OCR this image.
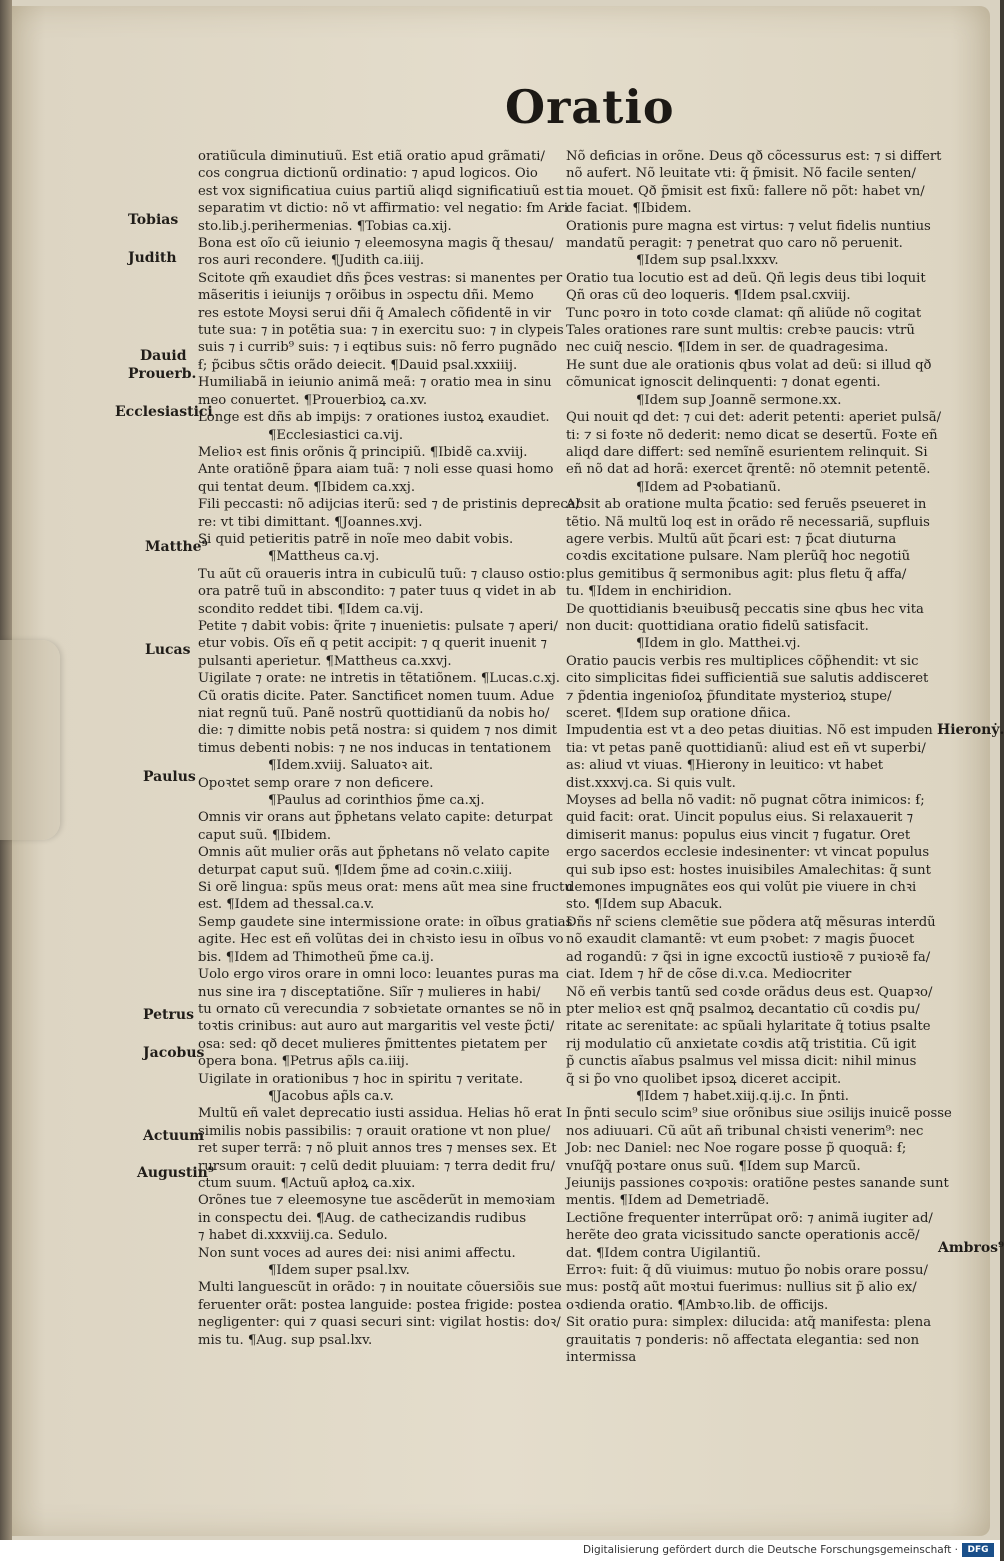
Oratio
oratiũcula diminutiuũ. Est etiã oratio apud grãmati/
cos congrua dictionũ ordinatio: ⁊ apud logicos. Oio
est vox significatiua cuius partiũ aliqd significatiuũ est
separatim vt dictio: nõ vt affirmatio: vel negatio: ẜm Ari
sto.lib.j.perihermenias. ¶Tobias ca.xij.
Bona est oĩo cũ ieiunio ⁊ eleemosyna magis q̃ thesau/
ros auri recondere. ¶Judith ca.iiij.
Scitote qm̃ exaudiet dñs p̃ces vestras: si manentes per
mãseritis i ieiunijs ⁊ orõibus in ɔspectu dñi. Memo
res estote Moysi serui dñi q̃ Amalech cõfidentẽ in vir
tute sua: ⁊ in potẽtia sua: ⁊ in exercitu suo: ⁊ in clypeis
suis ⁊ i currib⁹ suis: ⁊ i eqtibus suis: nõ ferro pugnãdo
ẜ; p̃cibus sc̃tis orãdo deiecit. ¶Dauid psal.xxxiiij.
Humiliabã in ieiunio animã meã: ⁊ oratio mea in sinu
meo conuertet. ¶Prouerbioꝝ ca.xv.
Longe est dñs ab impijs: ⁊ orationes iustoꝝ exaudiet.
¶Ecclesiastici ca.vij.
Melioꝛ est finis orõnis q̃ principiũ. ¶Ibidẽ ca.xviij.
Ante oratiõnẽ p̃para aiam tuã: ⁊ noli esse quasi homo
qui tentat deum. ¶Ibidem ca.xxj.
Fili peccasti: nõ adijcias iterũ: sed ⁊ de pristinis depreca/
re: vt tibi dimittant. ¶Joannes.xvj.
Si quid petieritis patrẽ in noĩe meo dabit vobis.
¶Mattheus ca.vj.
Tu aũt cũ oraueris intra in cubiculũ tuũ: ⁊ clauso ostio:
ora patrẽ tuũ in abscondito: ⁊ pater tuus q videt in ab
scondito reddet tibi. ¶Idem ca.vij.
Petite ⁊ dabit vobis: q̃rite ⁊ inuenietis: pulsate ⁊ aperi/
etur vobis. Oĩs eñ q petit accipit: ⁊ q querit inuenit ⁊
pulsanti aperietur. ¶Mattheus ca.xxvj.
Uigilate ⁊ orate: ne intretis in tẽtatiõnem. ¶Lucas.c.xj.
Cũ oratis dicite. Pater. Sanctificet nomen tuum. Adue
niat regnũ tuũ. Panẽ nostrũ quottidianũ da nobis ho/
die: ⁊ dimitte nobis petã nostra: si quidem ⁊ nos dimit
timus debenti nobis: ⁊ ne nos inducas in tentationem
¶Idem.xviij. Saluatoꝛ ait.
Opoꝛtet semp orare ⁊ non deficere.
¶Paulus ad corinthios p̃me ca.xj.
Omnis vir orans aut p̃phetans velato capite: deturpat
caput suũ. ¶Ibidem.
Omnis aũt mulier orãs aut p̃phetans nõ velato capite
deturpat caput suũ. ¶Idem p̃me ad coꝛin.c.xiiij.
Si orẽ lingua: spũs meus orat: mens aũt mea sine fructu
est. ¶Idem ad thessal.ca.v.
Semp gaudete sine intermissione orate: in oĩbus gratias
agite. Hec est eñ volũtas dei in chꝛisto iesu in oĩbus vo
bis. ¶Idem ad Thimotheũ p̃me ca.ij.
Uolo ergo viros orare in omni loco: leuantes puras ma
nus sine ira ⁊ disceptatiõne. Siĩr ⁊ mulieres in habi/
tu ornato cũ verecundia ⁊ sobꝛietate ornantes se nõ in
toꝛtis crinibus: aut auro aut margaritis vel veste p̃cti/
osa: sed: qð decet mulieres p̃mittentes pietatem per
opera bona. ¶Petrus ap̃ls ca.iiij.
Uigilate in orationibus ⁊ hoc in spiritu ⁊ veritate.
¶Jacobus ap̃ls ca.v.
Multũ eñ valet deprecatio iusti assidua. Helias hõ erat
similis nobis passibilis: ⁊ orauit oratione vt non plue/
ret super terrã: ⁊ nõ pluit annos tres ⁊ menses sex. Et
rursum orauit: ⁊ celũ dedit pluuiam: ⁊ terra dedit fru/
ctum suum. ¶Actuũ apłoꝝ ca.xix.
Orõnes tue ⁊ eleemosyne tue ascẽderũt in memoꝛiam
in conspectu dei. ¶Aug. de cathecizandis rudibus
⁊ habet di.xxxviij.ca. Sedulo.
Non sunt voces ad aures dei: nisi animi affectu.
¶Idem super psal.lxv.
Multi languescũt in orãdo: ⁊ in nouitate cõuersiõis sue
feruenter orãt: postea languide: postea frigide: postea
negligenter: qui ⁊ quasi securi sint: vigilat hostis: doꝛ/
mis tu. ¶Aug. sup psal.lxv.
Nõ deficias in orõne. Deus qð cõcessurus est: ⁊ si differt
nõ aufert. Nõ leuitate vti: q̃ p̃misit. Nõ facile senten/
tia mouet. Qð p̃misit est fixũ: fallere nõ põt: habet vn/
de faciat. ¶Ibidem.
Orationis pure magna est virtus: ⁊ velut fidelis nuntius
mandatũ peragit: ⁊ penetrat quo caro nõ peruenit.
¶Idem sup psal.lxxxv.
Oratio tua locutio est ad deũ. Qñ legis deus tibi loquit
Qñ oras cũ deo loqueris. ¶Idem psal.cxviij.
Tunc poꝛro in toto coꝛde clamat: qñ aliũde nõ cogitat
Tales orationes rare sunt multis: crebꝛe paucis: vtrũ
nec cuiq̃ nescio. ¶Idem in ser. de quadragesima.
He sunt due ale orationis qbus volat ad deũ: si illud qð
cõmunicat ignoscit delinquenti: ⁊ donat egenti.
¶Idem sup Joannẽ sermone.xx.
Qui nouit qd det: ⁊ cui det: aderit petenti: aperiet pulsã/
ti: ⁊ si foꝛte nõ dederit: nemo dicat se desertũ. Foꝛte eñ
aliqd dare differt: sed nemĩnẽ esurientem relinquit. Si
eñ nõ dat ad horã: exercet q̃rentẽ: nõ ɔtemnit petentẽ.
¶Idem ad Pꝛobatianũ.
Absit ab oratione multa p̃catio: sed feruẽs pseueret in
tẽtio. Nã multũ loq est in orãdo rẽ necessariã, supfluis
agere verbis. Multũ aũt p̃cari est: ⁊ p̃cat diuturna
coꝛdis excitatione pulsare. Nam plerũq̃ hoc negotiũ
plus gemitibus q̃ sermonibus agit: plus fletu q̃ affa/
tu. ¶Idem in enchiridion.
De quottidianis bꝛeuibusq̃ peccatis sine qbus hec vita
non ducit: quottidiana oratio fidelũ satisfacit.
¶Idem in glo. Matthei.vj.
Oratio paucis verbis res multiplices cõp̃hendit: vt sic
cito simplicitas fidei sufficientiã sue salutis addisceret
⁊ p̃dentia ingenioſoꝝ p̃funditate mysterioꝝ stupe/
sceret. ¶Idem sup oratione dñica.
Impudentia est vt a deo petas diuitias. Nõ est impuden
tia: vt petas panẽ quottidianũ: aliud est eñ vt superbi/
as: aliud vt viuas. ¶Hierony in leuitico: vt habet
dist.xxxvj.ca. Si quis vult.
Moyses ad bella nõ vadit: nõ pugnat cõtra inimicos: ẜ;
quid facit: orat. Uincit populus eius. Si relaxauerit ⁊
dimiserit manus: populus eius vincit ⁊ fugatur. Oret
ergo sacerdos ecclesie indesinenter: vt vincat populus
qui sub ipso est: hostes inuisibiles Amalechitas: q̃ sunt
demones impugnãtes eos qui volũt pie viuere in chꝛi
sto. ¶Idem sup Abacuk.
Dñs nr̃ sciens clemẽtie sue põdera atq̃ mẽsuras interdũ
nõ exaudit clamantẽ: vt eum pꝛobet: ⁊ magis p̃uocet
ad rogandũ: ⁊ q̃si in igne excoctũ iustioꝛẽ ⁊ puꝛioꝛẽ fa/
ciat. Idem ⁊ hr̃ de cõse di.v.ca. Mediocriter
Nõ eñ verbis tantũ sed coꝛde orãdus deus est. Quapꝛo/
pter melioꝛ est qnq̃ psalmoꝝ decantatio cũ coꝛdis pu/
ritate ac serenitate: ac spũali hylaritate q̃ totius psalte
rij modulatio cũ anxietate coꝛdis atq̃ tristitia. Cũ igit
p̃ cunctis aĩabus psalmus vel missa dicit: nihil minus
q̃ si p̃o vno quolibet ipsoꝝ diceret accipit.
¶Idem ⁊ habet.xiij.q.ij.c. In p̃nti.
In p̃nti seculo scim⁹ siue orõnibus siue ɔsilijs inuicẽ posse
nos adiuuari. Cũ aũt añ tribunal chꝛisti venerim⁹: nec
Job: nec Daniel: nec Noe rogare posse p̃ quoquã: ẜ;
vnuſq̃q̃ poꝛtare onus suũ. ¶Idem sup Marcũ.
Jeiunijs passiones coꝛpoꝛis: oratiõne pestes sanande sunt
mentis. ¶Idem ad Demetriadẽ.
Lectiõne frequenter interrũpat orõ: ⁊ animã iugiter ad/
herẽte deo grata vicissitudo sancte operationis accẽ/
dat. ¶Idem contra Uigilantiũ.
Erroꝛ: fuit: q̃ dũ viuimus: mutuo p̃o nobis orare possu/
mus: postq̃ aũt moꝛtui fuerimus: nullius sit p̃ alio ex/
oꝛdienda oratio. ¶Ambꝛo.lib. de officijs.
Sit oratio pura: simplex: dilucida: atq̃ manifesta: plena
grauitatis ⁊ ponderis: nõ affectata elegantia: sed non
intermissa
Tobias
Judith
Dauid
Prouerb.
Ecclesiastici
Matthe⁹
Lucas
Paulus
Petrus
Jacobus
Actuum
Augustin⁹
Hieronẏ.
Ambros⁹
Digitalisierung gefördert durch die Deutsche Forschungsgemeinschaft ·	DFG
